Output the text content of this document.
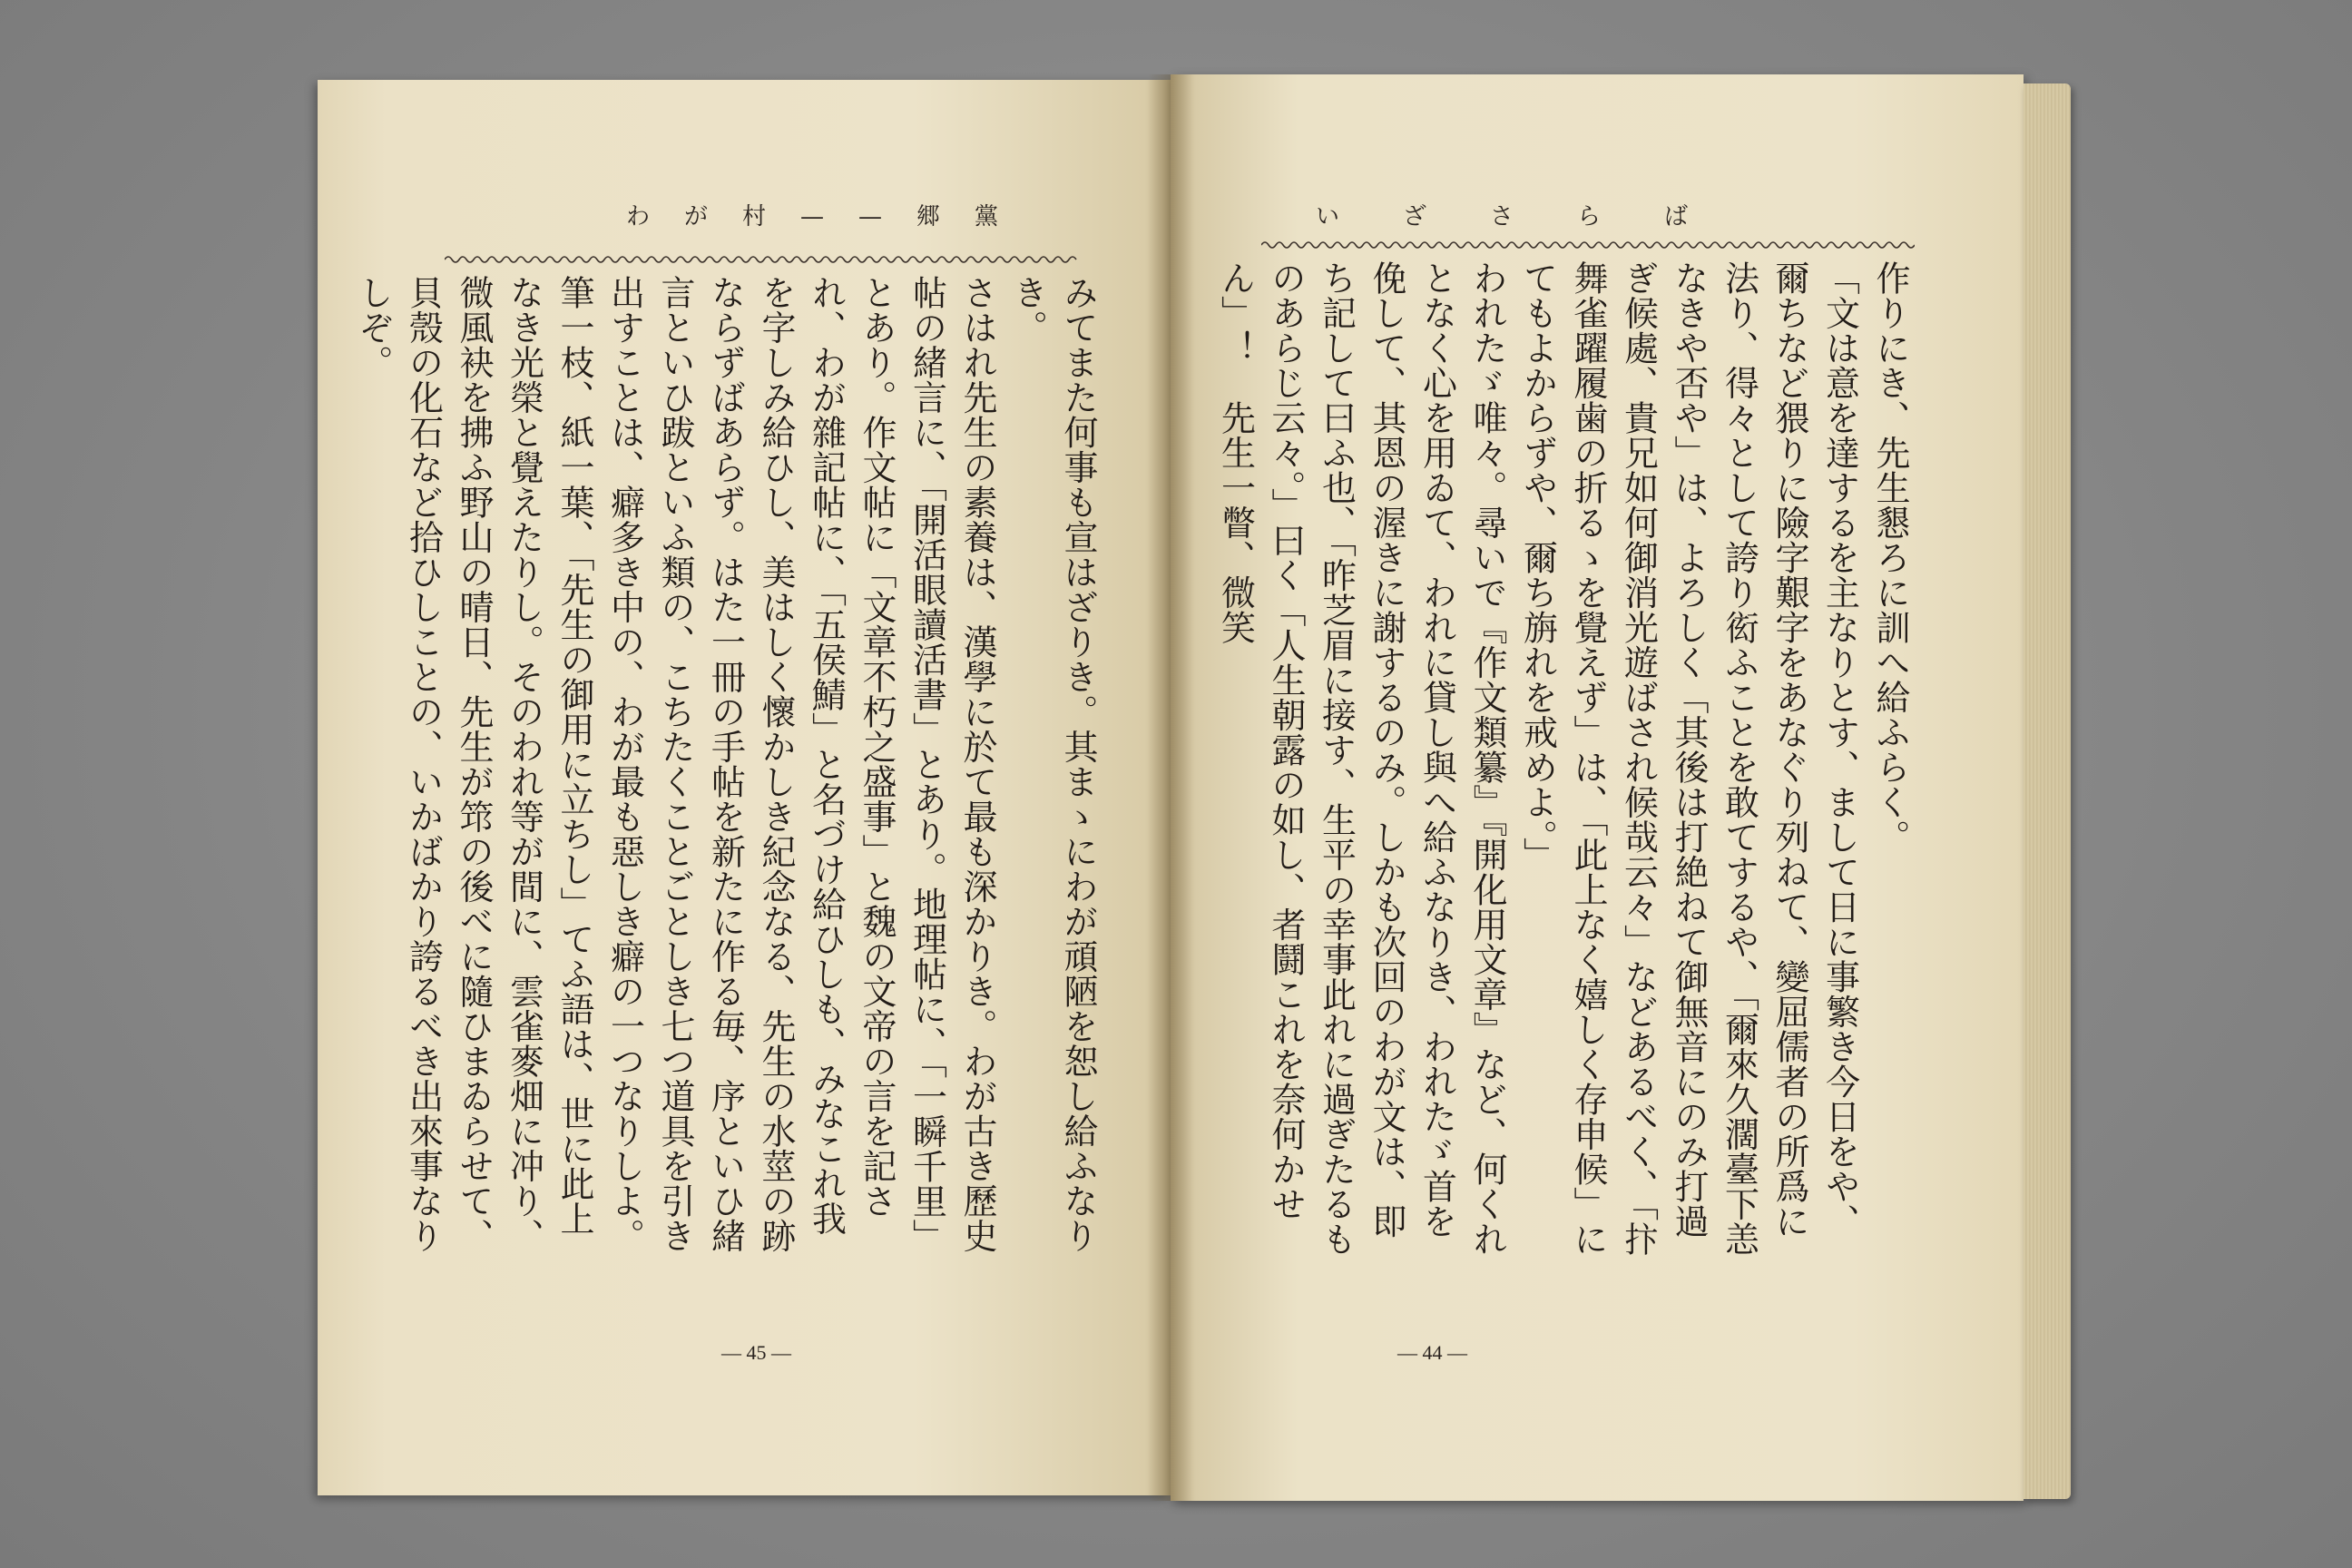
わが村——郷黨

みてまた何事も宣はざりき。其まゝにわが頑陋を恕し給ふなりき。

さはれ先生の素養は、漢學に於て最も深かりき。わが古き歷史帖の緒言に、「開活眼讀活書」とあり。地理帖に、「一瞬千里」とあり。作文帖に「文章不朽之盛事」と魏の文帝の言を記され、わが雜記帖に、「五侯鯖」と名づけ給ひしも、みなこれ我を字しみ給ひし、美はしく懷かしき紀念なる、先生の水莖の跡ならずばあらず。はた一冊の手帖を新たに作る毎、序といひ緒言といひ跋といふ類の、こちたくことごとしき七つ道具を引き出すことは、癖多き中の、わが最も惡しき癖の一つなりしよ。

筆一枝、紙一葉、「先生の御用に立ちし」てふ語は、世に此上なき光榮と覺えたりし。そのわれ等が間に、雲雀麥畑に冲り、微風袂を拂ふ野山の晴日、先生が筇の後べに隨ひまゐらせて、貝殼の化石など拾ひしことの、いかばかり誇るべき出來事なりしぞ。

— 45 —
いざさらば

作りにき、先生懇ろに訓へ給ふらく。

「文は意を達するを主なりとす、まして日に事繁き今日をや、爾ちなど猥りに險字艱字をあなぐり列ねて、變屈儒者の所爲に法り、得々として誇り衒ふことを敢てするや、「爾來久濶臺下恙なきや否や」は、よろしく「其後は打絶ねて御無音にのみ打過ぎ候處、貴兄如何御消光遊ばされ候哉云々」などあるべく、「抃舞雀躍履歯の折るゝを覺えず」は、「此上なく嬉しく存申候」にてもよからずや、爾ち旃れを戒めよ。」

われたゞ唯々。尋いで『作文類纂』『開化用文章』など、何くれとなく心を用ゐて、われに貸し與へ給ふなりき、われたゞ首を俛して、其恩の渥きに謝するのみ。しかも次回のわが文は、即ち記して曰ふ也、「昨芝眉に接す、生平の幸事此れに過ぎたるものあらじ云々。」曰く「人生朝露の如し、者鬪これを奈何かせん」！　先生一瞥、微笑

— 44 —
